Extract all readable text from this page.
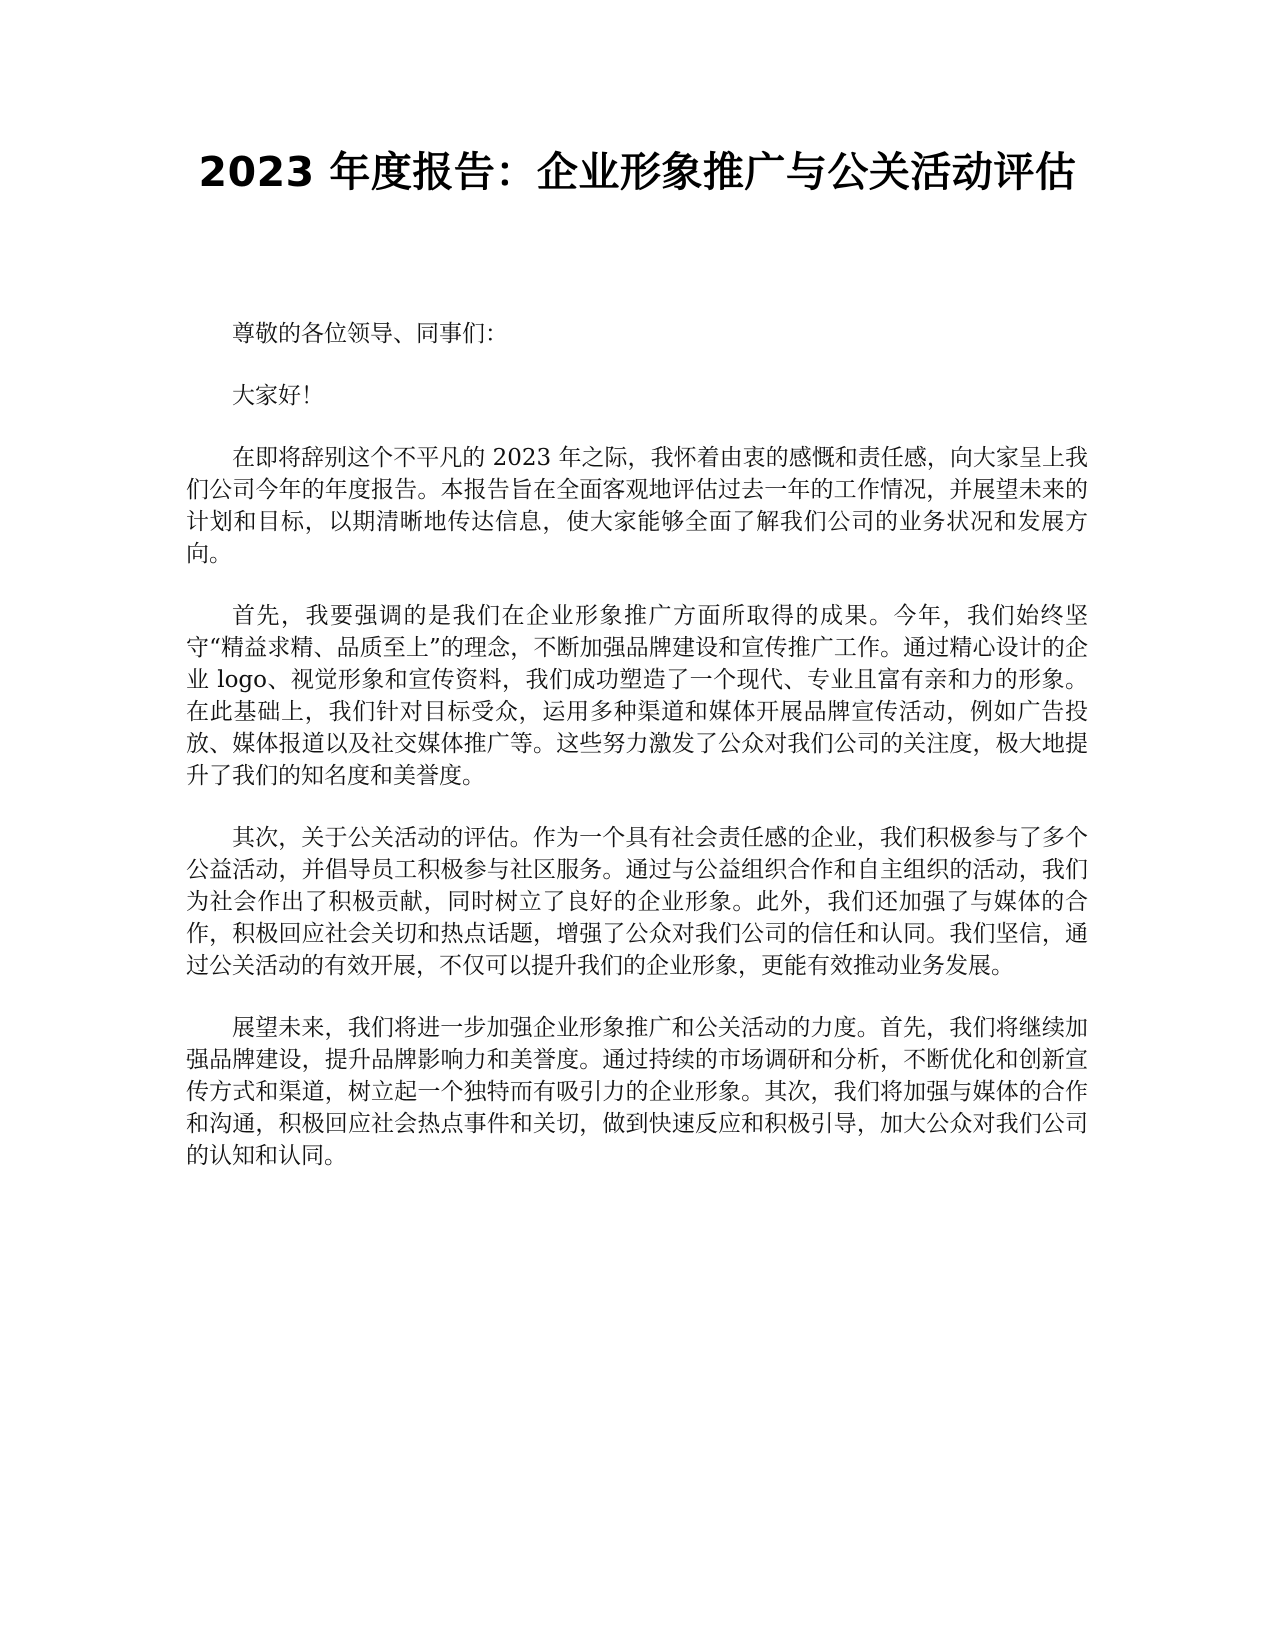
2023 年度报告：企业形象推广与公关活动评估

尊敬的各位领导、同事们：

大家好！

在即将辞别这个不平凡的 2023 年之际，我怀着由衷的感慨和责任感，向大家呈上我们公司今年的年度报告。本报告旨在全面客观地评估过去一年的工作情况，并展望未来的计划和目标，以期清晰地传达信息，使大家能够全面了解我们公司的业务状况和发展方向。

首先，我要强调的是我们在企业形象推广方面所取得的成果。今年，我们始终坚守“精益求精、品质至上”的理念，不断加强品牌建设和宣传推广工作。通过精心设计的企业 logo、视觉形象和宣传资料，我们成功塑造了一个现代、专业且富有亲和力的形象。在此基础上，我们针对目标受众，运用多种渠道和媒体开展品牌宣传活动，例如广告投放、媒体报道以及社交媒体推广等。这些努力激发了公众对我们公司的关注度，极大地提升了我们的知名度和美誉度。

其次，关于公关活动的评估。作为一个具有社会责任感的企业，我们积极参与了多个公益活动，并倡导员工积极参与社区服务。通过与公益组织合作和自主组织的活动，我们为社会作出了积极贡献，同时树立了良好的企业形象。此外，我们还加强了与媒体的合作，积极回应社会关切和热点话题，增强了公众对我们公司的信任和认同。我们坚信，通过公关活动的有效开展，不仅可以提升我们的企业形象，更能有效推动业务发展。

展望未来，我们将进一步加强企业形象推广和公关活动的力度。首先，我们将继续加强品牌建设，提升品牌影响力和美誉度。通过持续的市场调研和分析，不断优化和创新宣传方式和渠道，树立起一个独特而有吸引力的企业形象。其次，我们将加强与媒体的合作和沟通，积极回应社会热点事件和关切，做到快速反应和积极引导，加大公众对我们公司的认知和认同。
